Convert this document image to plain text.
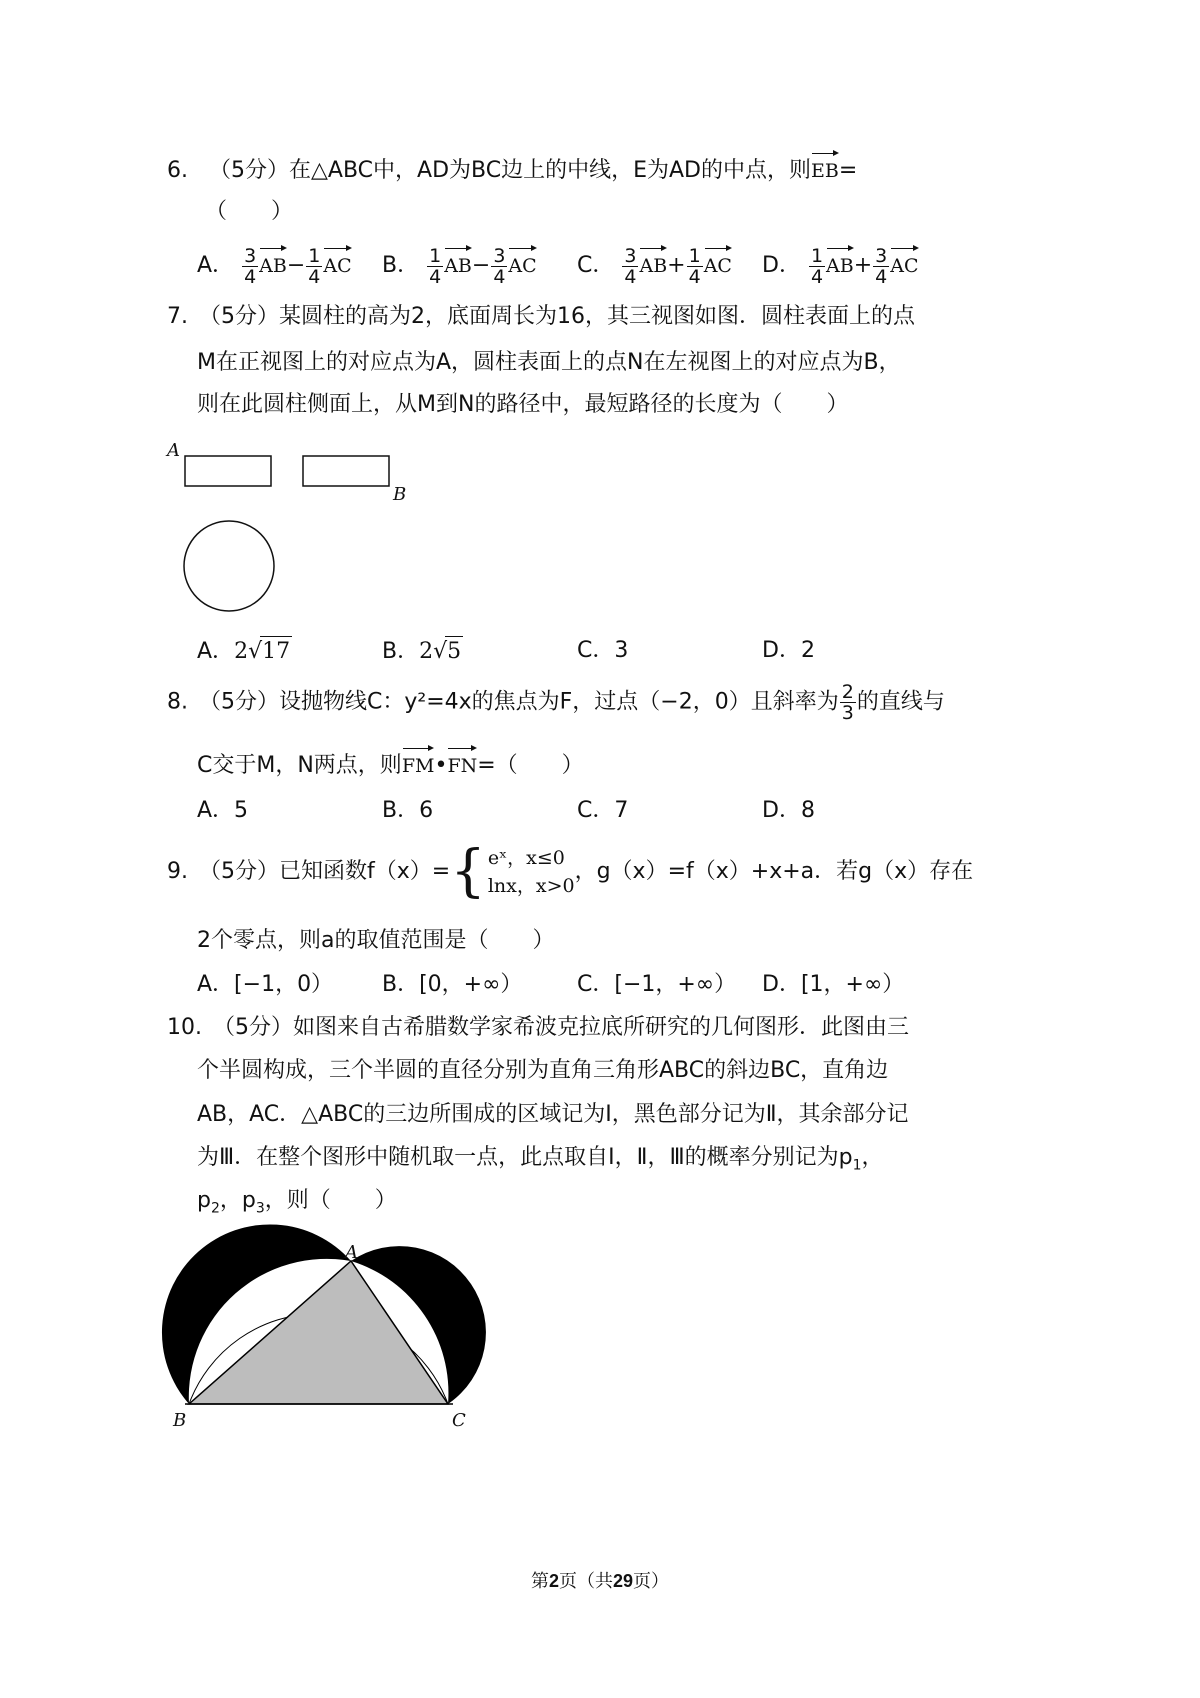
6. （5分）在△ABC中，AD为BC边上的中线，E为AD的中点，则EB=
（　　）
A． $\frac{3}{4} AB- \frac{1}{4}$ AC B． $\frac{1}{4} AB- \frac{3}{4}$ AC C． $\frac{3}{4} AB+ \frac{1}{4}$ AC D． $\frac{1}{4} AB+ \frac{3}{4}$ AC
7.　（5分）某圆柱的高为2，底面周长为16，其三视图如图．圆柱表面上的点
M在正视图上的对应点为A，圆柱表面上的点N在左视图上的对应点为B，
则在此圆柱侧面上，从M到N的路径中，最短路径的长度为（　　）
A
B
A．2√17	B．2√5	C．3	D．2
8.　（5分）设抛物线C：y²=4x的焦点为F，过点（−2，0）且斜率为 $\frac{2}{3}$ 的直线与
C交于M，N两点，则FM•FN=（　　）
A．5	B．6	C．7	D．8
9.　（5分）已知函数f（x）= { eˣ，x≤0
lnx，x>0
，g（x）=f（x）+x+a．若g（x）存在
2个零点，则a的取值范围是（　　）
A．[−1，0） B．[0，+∞） C．[−1，+∞） D．[1，+∞）
10.　（5分）如图来自古希腊数学家希波克拉底所研究的几何图形．此图由三
个半圆构成，三个半圆的直径分别为直角三角形ABC的斜边BC，直角边
AB，AC．△ABC的三边所围成的区域记为I，黑色部分记为Ⅱ，其余部分记
为Ⅲ．在整个图形中随机取一点，此点取自Ⅰ，Ⅱ，Ⅲ的概率分别记为$p_1$，
$p_2$，$p_3$，则（　　）
A
B	C
第2页（共29页）
